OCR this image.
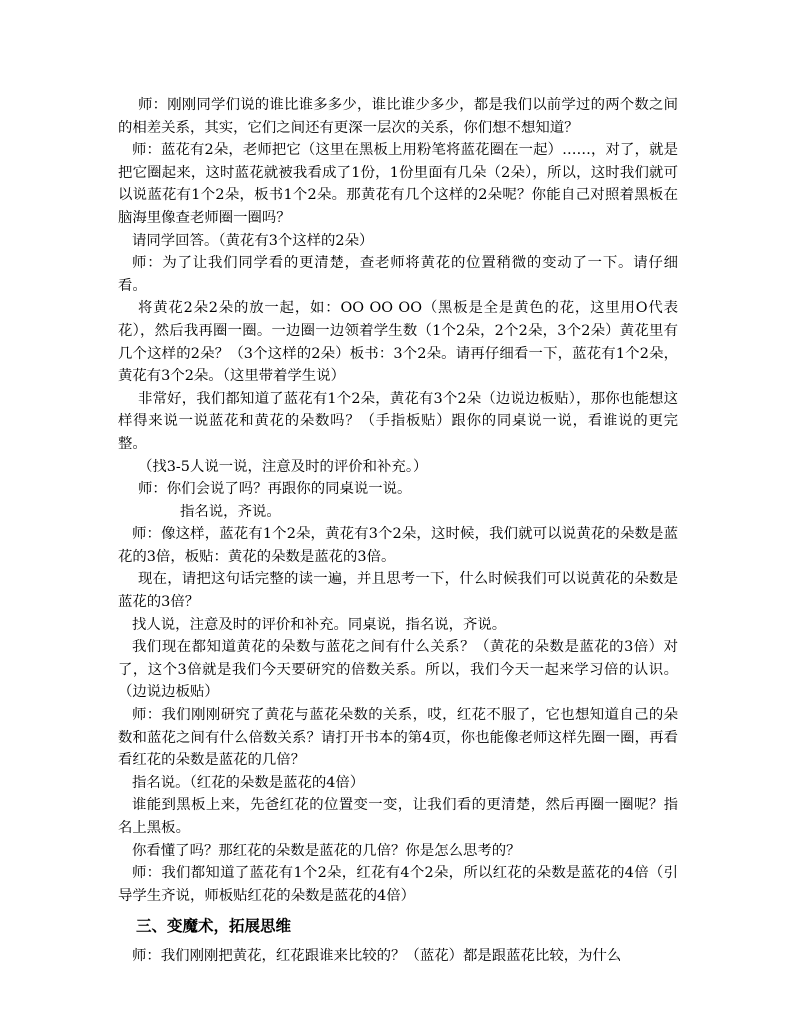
师：刚刚同学们说的谁比谁多多少，谁比谁少多少，都是我们以前学过的两个数之间的相差关系，其实，它们之间还有更深一层次的关系，你们想不想知道？

师：蓝花有2朵，老师把它（这里在黑板上用粉笔将蓝花圈在一起）……，对了，就是把它圈起来，这时蓝花就被我看成了1份，1份里面有几朵（2朵），所以，这时我们就可以说蓝花有1个2朵，板书1个2朵。那黄花有几个这样的2朵呢？你能自己对照着黑板在脑海里像查老师圈一圈吗？

请同学回答。（黄花有3个这样的2朵）

师：为了让我们同学看的更清楚，查老师将黄花的位置稍微的变动了一下。请仔细看。

将黄花2朵2朵的放一起，如：OO OO OO（黑板是全是黄色的花，这里用O代表花），然后我再圈一圈。一边圈一边领着学生数（1个2朵，2个2朵，3个2朵）黄花里有几个这样的2朵？（3个这样的2朵）板书：3个2朵。请再仔细看一下，蓝花有1个2朵，黄花有3个2朵。（这里带着学生说）

非常好，我们都知道了蓝花有1个2朵，黄花有3个2朵（边说边板贴），那你也能想这样得来说一说蓝花和黄花的朵数吗？（手指板贴）跟你的同桌说一说，看谁说的更完整。

（找3-5人说一说，注意及时的评价和补充。）

师：你们会说了吗？再跟你的同桌说一说。

指名说，齐说。

师：像这样，蓝花有1个2朵，黄花有3个2朵，这时候，我们就可以说黄花的朵数是蓝花的3倍，板贴：黄花的朵数是蓝花的3倍。

现在，请把这句话完整的读一遍，并且思考一下，什么时候我们可以说黄花的朵数是蓝花的3倍？

找人说，注意及时的评价和补充。同桌说，指名说，齐说。

我们现在都知道黄花的朵数与蓝花之间有什么关系？（黄花的朵数是蓝花的3倍）对了，这个3倍就是我们今天要研究的倍数关系。所以，我们今天一起来学习倍的认识。（边说边板贴）

师：我们刚刚研究了黄花与蓝花朵数的关系，哎，红花不服了，它也想知道自己的朵数和蓝花之间有什么倍数关系？请打开书本的第4页，你也能像老师这样先圈一圈，再看看红花的朵数是蓝花的几倍？

指名说。（红花的朵数是蓝花的4倍）

谁能到黑板上来，先爸红花的位置变一变，让我们看的更清楚，然后再圈一圈呢？指名上黑板。

你看懂了吗？那红花的朵数是蓝花的几倍？你是怎么思考的？

师：我们都知道了蓝花有1个2朵，红花有4个2朵，所以红花的朵数是蓝花的4倍（引导学生齐说，师板贴红花的朵数是蓝花的4倍）

三、变魔术，拓展思维

师：我们刚刚把黄花，红花跟谁来比较的？（蓝花）都是跟蓝花比较，为什么
